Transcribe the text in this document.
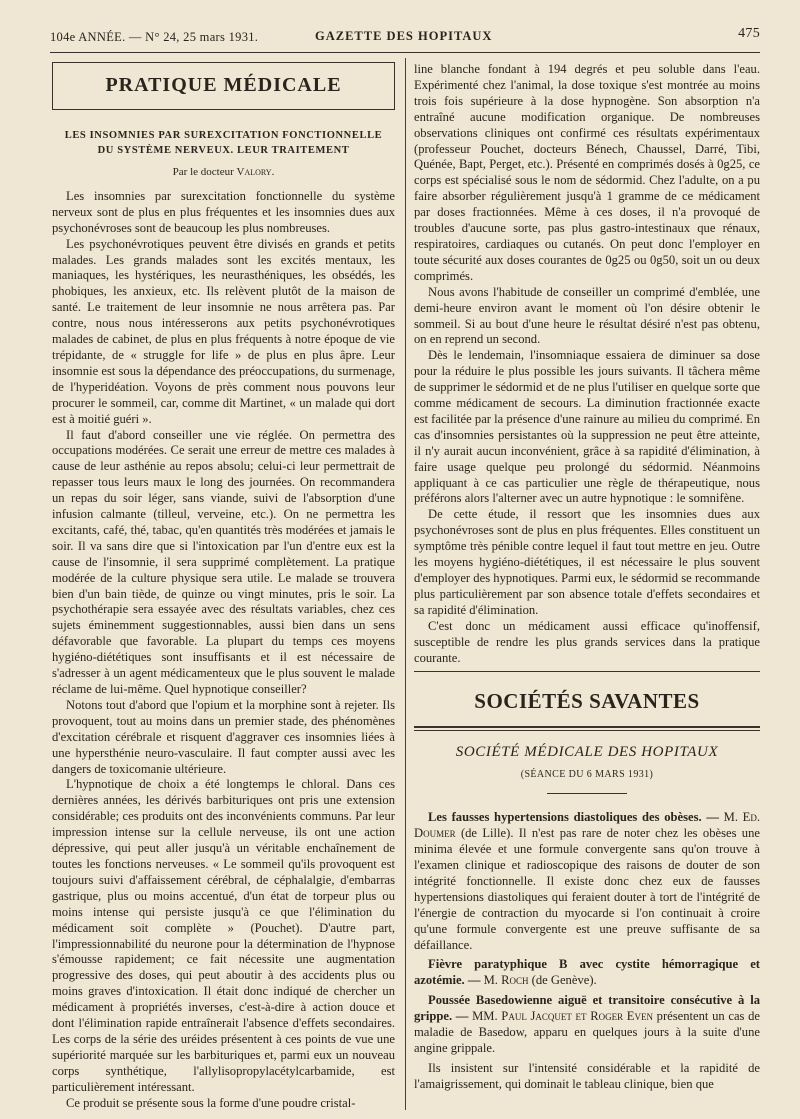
104e ANNÉE. — N° 24, 25 mars 1931.	GAZETTE DES HOPITAUX	475
PRATIQUE MÉDICALE
LES INSOMNIES PAR SUREXCITATION FONCTIONNELLE DU SYSTÈME NERVEUX. LEUR TRAITEMENT
Par le docteur Valory.

Les insomnies par surexcitation fonctionnelle du système nerveux sont de plus en plus fréquentes et les insomnies dues aux psychonévroses sont de beaucoup les plus nombreuses.

Les psychonévrotiques peuvent être divisés en grands et petits malades. Les grands malades sont les excités mentaux, les maniaques, les hystériques, les neurasthéniques, les obsédés, les phobiques, les anxieux, etc. Ils relèvent plutôt de la maison de santé. Le traitement de leur insomnie ne nous arrêtera pas. Par contre, nous nous intéresserons aux petits psychonévrotiques malades de cabinet, de plus en plus fréquents à notre époque de vie trépidante, de « struggle for life » de plus en plus âpre. Leur insomnie est sous la dépendance des préoccupations, du surmenage, de l'hyperidéation. Voyons de près comment nous pouvons leur procurer le sommeil, car, comme dit Martinet, « un malade qui dort est à moitié guéri ».

Il faut d'abord conseiller une vie réglée. On permettra des occupations modérées. Ce serait une erreur de mettre ces malades à cause de leur asthénie au repos absolu; celui-ci leur permettrait de repasser tous leurs maux le long des journées. On recommandera un repas du soir léger, sans viande, suivi de l'absorption d'une infusion calmante (tilleul, verveine, etc.). On ne permettra les excitants, café, thé, tabac, qu'en quantités très modérées et jamais le soir. Il va sans dire que si l'intoxication par l'un d'entre eux est la cause de l'insomnie, il sera supprimé complètement. La pratique modérée de la culture physique sera utile. Le malade se trouvera bien d'un bain tiède, de quinze ou vingt minutes, pris le soir. La psychothérapie sera essayée avec des résultats variables, chez ces sujets éminemment suggestionnables, aussi bien dans un sens défavorable que favorable. La plupart du temps ces moyens hygiéno-diététiques sont insuffisants et il est nécessaire de s'adresser à un agent médicamenteux que le plus souvent le malade réclame de lui-même. Quel hypnotique conseiller?

Notons tout d'abord que l'opium et la morphine sont à rejeter. Ils provoquent, tout au moins dans un premier stade, des phénomènes d'excitation cérébrale et risquent d'aggraver ces insomnies liées à une hypersthénie neuro-vasculaire. Il faut compter aussi avec les dangers de toxicomanie ultérieure.

L'hypnotique de choix a été longtemps le chloral. Dans ces dernières années, les dérivés barbituriques ont pris une extension considérable; ces produits ont des inconvénients communs. Par leur impression intense sur la cellule nerveuse, ils ont une action dépressive, qui peut aller jusqu'à un véritable enchaînement de toutes les fonctions nerveuses. « Le sommeil qu'ils provoquent est toujours suivi d'affaissement cérébral, de céphalalgie, d'embarras gastrique, plus ou moins accentué, d'un état de torpeur plus ou moins intense qui persiste jusqu'à ce que l'élimination du médicament soit complète » (Pouchet). D'autre part, l'impressionnabilité du neurone pour la détermination de l'hypnose s'émousse rapidement; ce fait nécessite une augmentation progressive des doses, qui peut aboutir à des accidents plus ou moins graves d'intoxication. Il était donc indiqué de chercher un médicament à propriétés inverses, c'est-à-dire à action douce et dont l'élimination rapide entraînerait l'absence d'effets secondaires. Les corps de la série des uréides présentent à ces points de vue une supériorité marquée sur les barbituriques et, parmi eux un nouveau corps synthétique, l'allylisopropylacétylcarbamide, est particulièrement intéressant.

Ce produit se présente sous la forme d'une poudre cristal-

line blanche fondant à 194 degrés et peu soluble dans l'eau. Expérimenté chez l'animal, la dose toxique s'est montrée au moins trois fois supérieure à la dose hypnogène. Son absorption n'a entraîné aucune modification organique. De nombreuses observations cliniques ont confirmé ces résultats expérimentaux (professeur Pouchet, docteurs Bénech, Chaussel, Darré, Tibi, Quénée, Bapt, Perget, etc.). Présenté en comprimés dosés à 0g25, ce corps est spécialisé sous le nom de sédormid. Chez l'adulte, on a pu faire absorber régulièrement jusqu'à 1 gramme de ce médicament par doses fractionnées. Même à ces doses, il n'a provoqué de troubles d'aucune sorte, pas plus gastro-intestinaux que rénaux, respiratoires, cardiaques ou cutanés. On peut donc l'employer en toute sécurité aux doses courantes de 0g25 ou 0g50, soit un ou deux comprimés.

Nous avons l'habitude de conseiller un comprimé d'emblée, une demi-heure environ avant le moment où l'on désire obtenir le sommeil. Si au bout d'une heure le résultat désiré n'est pas obtenu, on en reprend un second.

Dès le lendemain, l'insomniaque essaiera de diminuer sa dose pour la réduire le plus possible les jours suivants. Il tâchera même de supprimer le sédormid et de ne plus l'utiliser en quelque sorte que comme médicament de secours. La diminution fractionnée exacte est facilitée par la présence d'une rainure au milieu du comprimé. En cas d'insomnies persistantes où la suppression ne peut être atteinte, il n'y aurait aucun inconvénient, grâce à sa rapidité d'élimination, à faire usage quelque peu prolongé du sédormid. Néanmoins appliquant à ce cas particulier une règle de thérapeutique, nous préférons alors l'alterner avec un autre hypnotique : le somnifène.

De cette étude, il ressort que les insomnies dues aux psychonévroses sont de plus en plus fréquentes. Elles constituent un symptôme très pénible contre lequel il faut tout mettre en jeu. Outre les moyens hygiéno-diététiques, il est nécessaire le plus souvent d'employer des hypnotiques. Parmi eux, le sédormid se recommande plus particulièrement par son absence totale d'effets secondaires et sa rapidité d'élimination.

C'est donc un médicament aussi efficace qu'inoffensif, susceptible de rendre les plus grands services dans la pratique courante.

SOCIÉTÉS SAVANTES
SOCIÉTÉ MÉDICALE DES HOPITAUX
(SÉANCE DU 6 MARS 1931)

Les fausses hypertensions diastoliques des obèses. — M. Ed. Doumer (de Lille). Il n'est pas rare de noter chez les obèses une minima élevée et une formule convergente sans qu'on trouve à l'examen clinique et radioscopique des raisons de douter de son intégrité fonctionnelle. Il existe donc chez eux de fausses hypertensions diastoliques qui feraient douter à tort de l'intégrité de l'énergie de contraction du myocarde si l'on continuait à croire qu'une formule convergente est une preuve suffisante de sa défaillance.

Fièvre paratyphique B avec cystite hémorragique et azotémie. — M. Roch (de Genève).

Poussée Basedowienne aiguë et transitoire consécutive à la grippe. — MM. Paul Jacquet et Roger Even présentent un cas de maladie de Basedow, apparu en quelques jours à la suite d'une angine grippale.

Ils insistent sur l'intensité considérable et la rapidité de l'amaigrissement, qui dominait le tableau clinique, bien que
